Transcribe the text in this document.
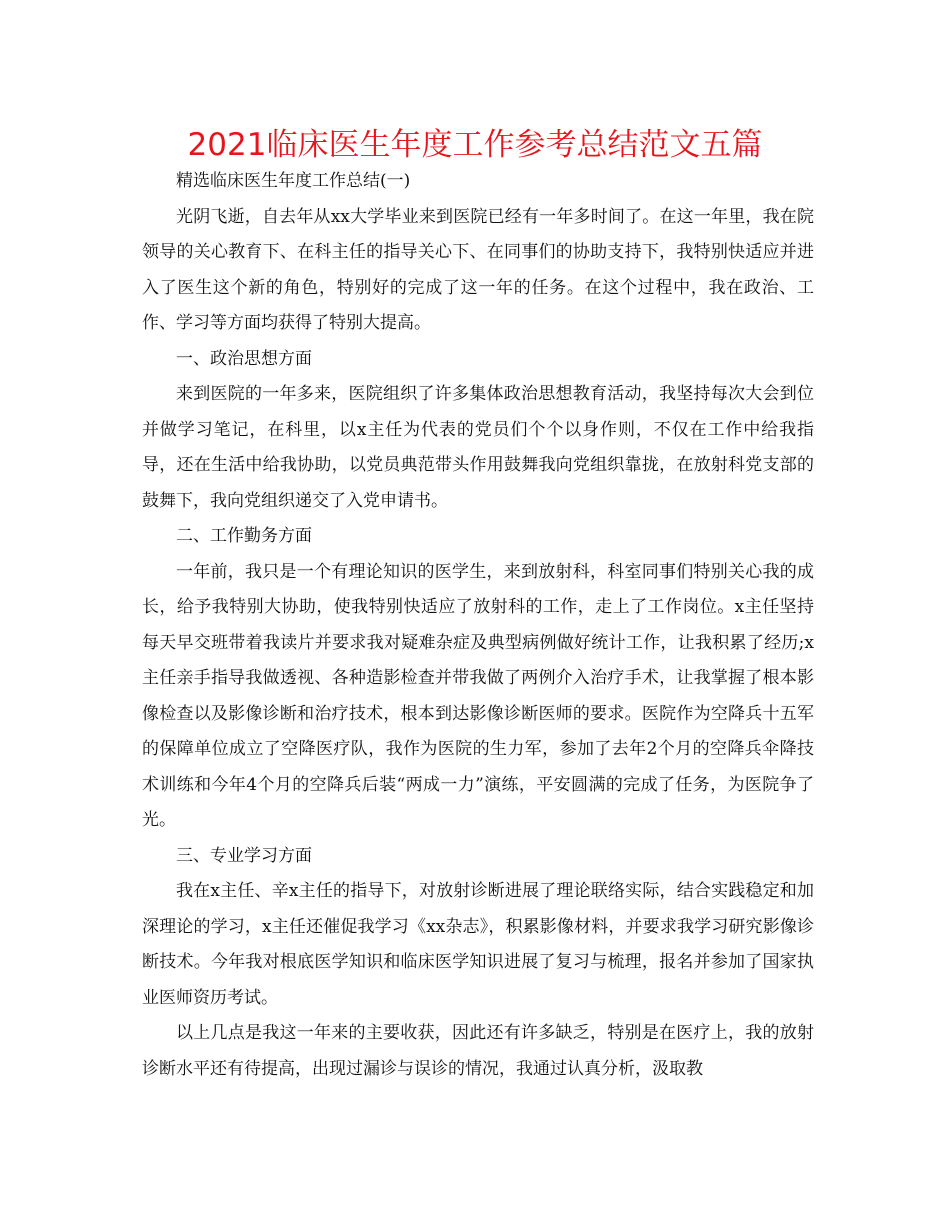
2021临床医生年度工作参考总结范文五篇

精选临床医生年度工作总结(一)

光阴飞逝，自去年从xx大学毕业来到医院已经有一年多时间了。在这一年里，我在院领导的关心教育下、在科主任的指导关心下、在同事们的协助支持下，我特别快适应并进入了医生这个新的角色，特别好的完成了这一年的任务。在这个过程中，我在政治、工作、学习等方面均获得了特别大提高。

一、政治思想方面

来到医院的一年多来，医院组织了许多集体政治思想教育活动，我坚持每次大会到位并做学习笔记，在科里，以x主任为代表的党员们个个以身作则，不仅在工作中给我指导，还在生活中给我协助，以党员典范带头作用鼓舞我向党组织靠拢，在放射科党支部的鼓舞下，我向党组织递交了入党申请书。

二、工作勤务方面

一年前，我只是一个有理论知识的医学生，来到放射科，科室同事们特别关心我的成长，给予我特别大协助，使我特别快适应了放射科的工作，走上了工作岗位。x主任坚持每天早交班带着我读片并要求我对疑难杂症及典型病例做好统计工作，让我积累了经历;x主任亲手指导我做透视、各种造影检查并带我做了两例介入治疗手术，让我掌握了根本影像检查以及影像诊断和治疗技术，根本到达影像诊断医师的要求。医院作为空降兵十五军的保障单位成立了空降医疗队，我作为医院的生力军，参加了去年2个月的空降兵伞降技术训练和今年4个月的空降兵后装“两成一力”演练，平安圆满的完成了任务，为医院争了光。

三、专业学习方面

我在x主任、辛x主任的指导下，对放射诊断进展了理论联络实际，结合实践稳定和加深理论的学习，x主任还催促我学习《xx杂志》，积累影像材料，并要求我学习研究影像诊断技术。今年我对根底医学知识和临床医学知识进展了复习与梳理，报名并参加了国家执业医师资历考试。

以上几点是我这一年来的主要收获，因此还有许多缺乏，特别是在医疗上，我的放射诊断水平还有待提高，出现过漏诊与误诊的情况，我通过认真分析，汲取教
